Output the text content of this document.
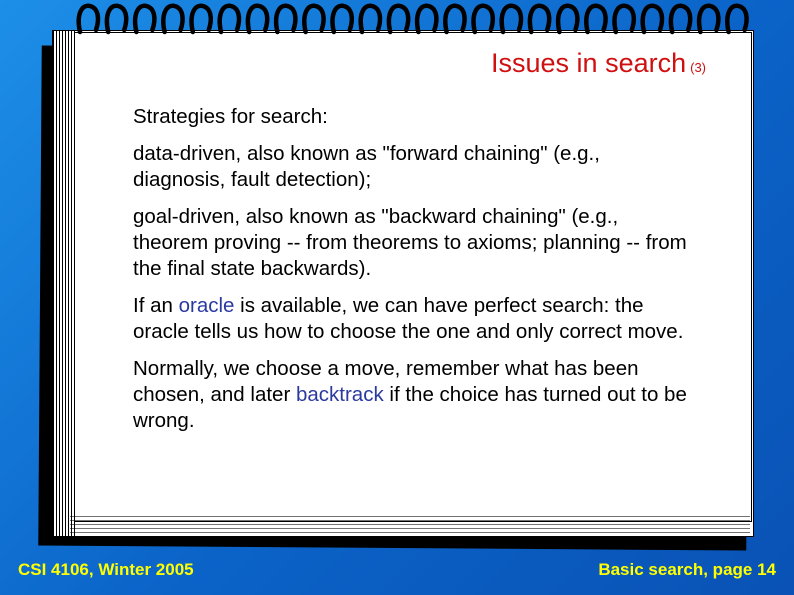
Issues in search (3)

Strategies for search:

data-driven, also known as "forward chaining" (e.g., diagnosis, fault detection);

goal-driven, also known as "backward chaining" (e.g., theorem proving -- from theorems to axioms; planning -- from the final state backwards).

If an oracle is available, we can have perfect search: the oracle tells us how to choose the one and only correct move.

Normally, we choose a move, remember what has been chosen, and later backtrack if the choice has turned out to be wrong.

CSI 4106, Winter 2005	Basic search, page 14
